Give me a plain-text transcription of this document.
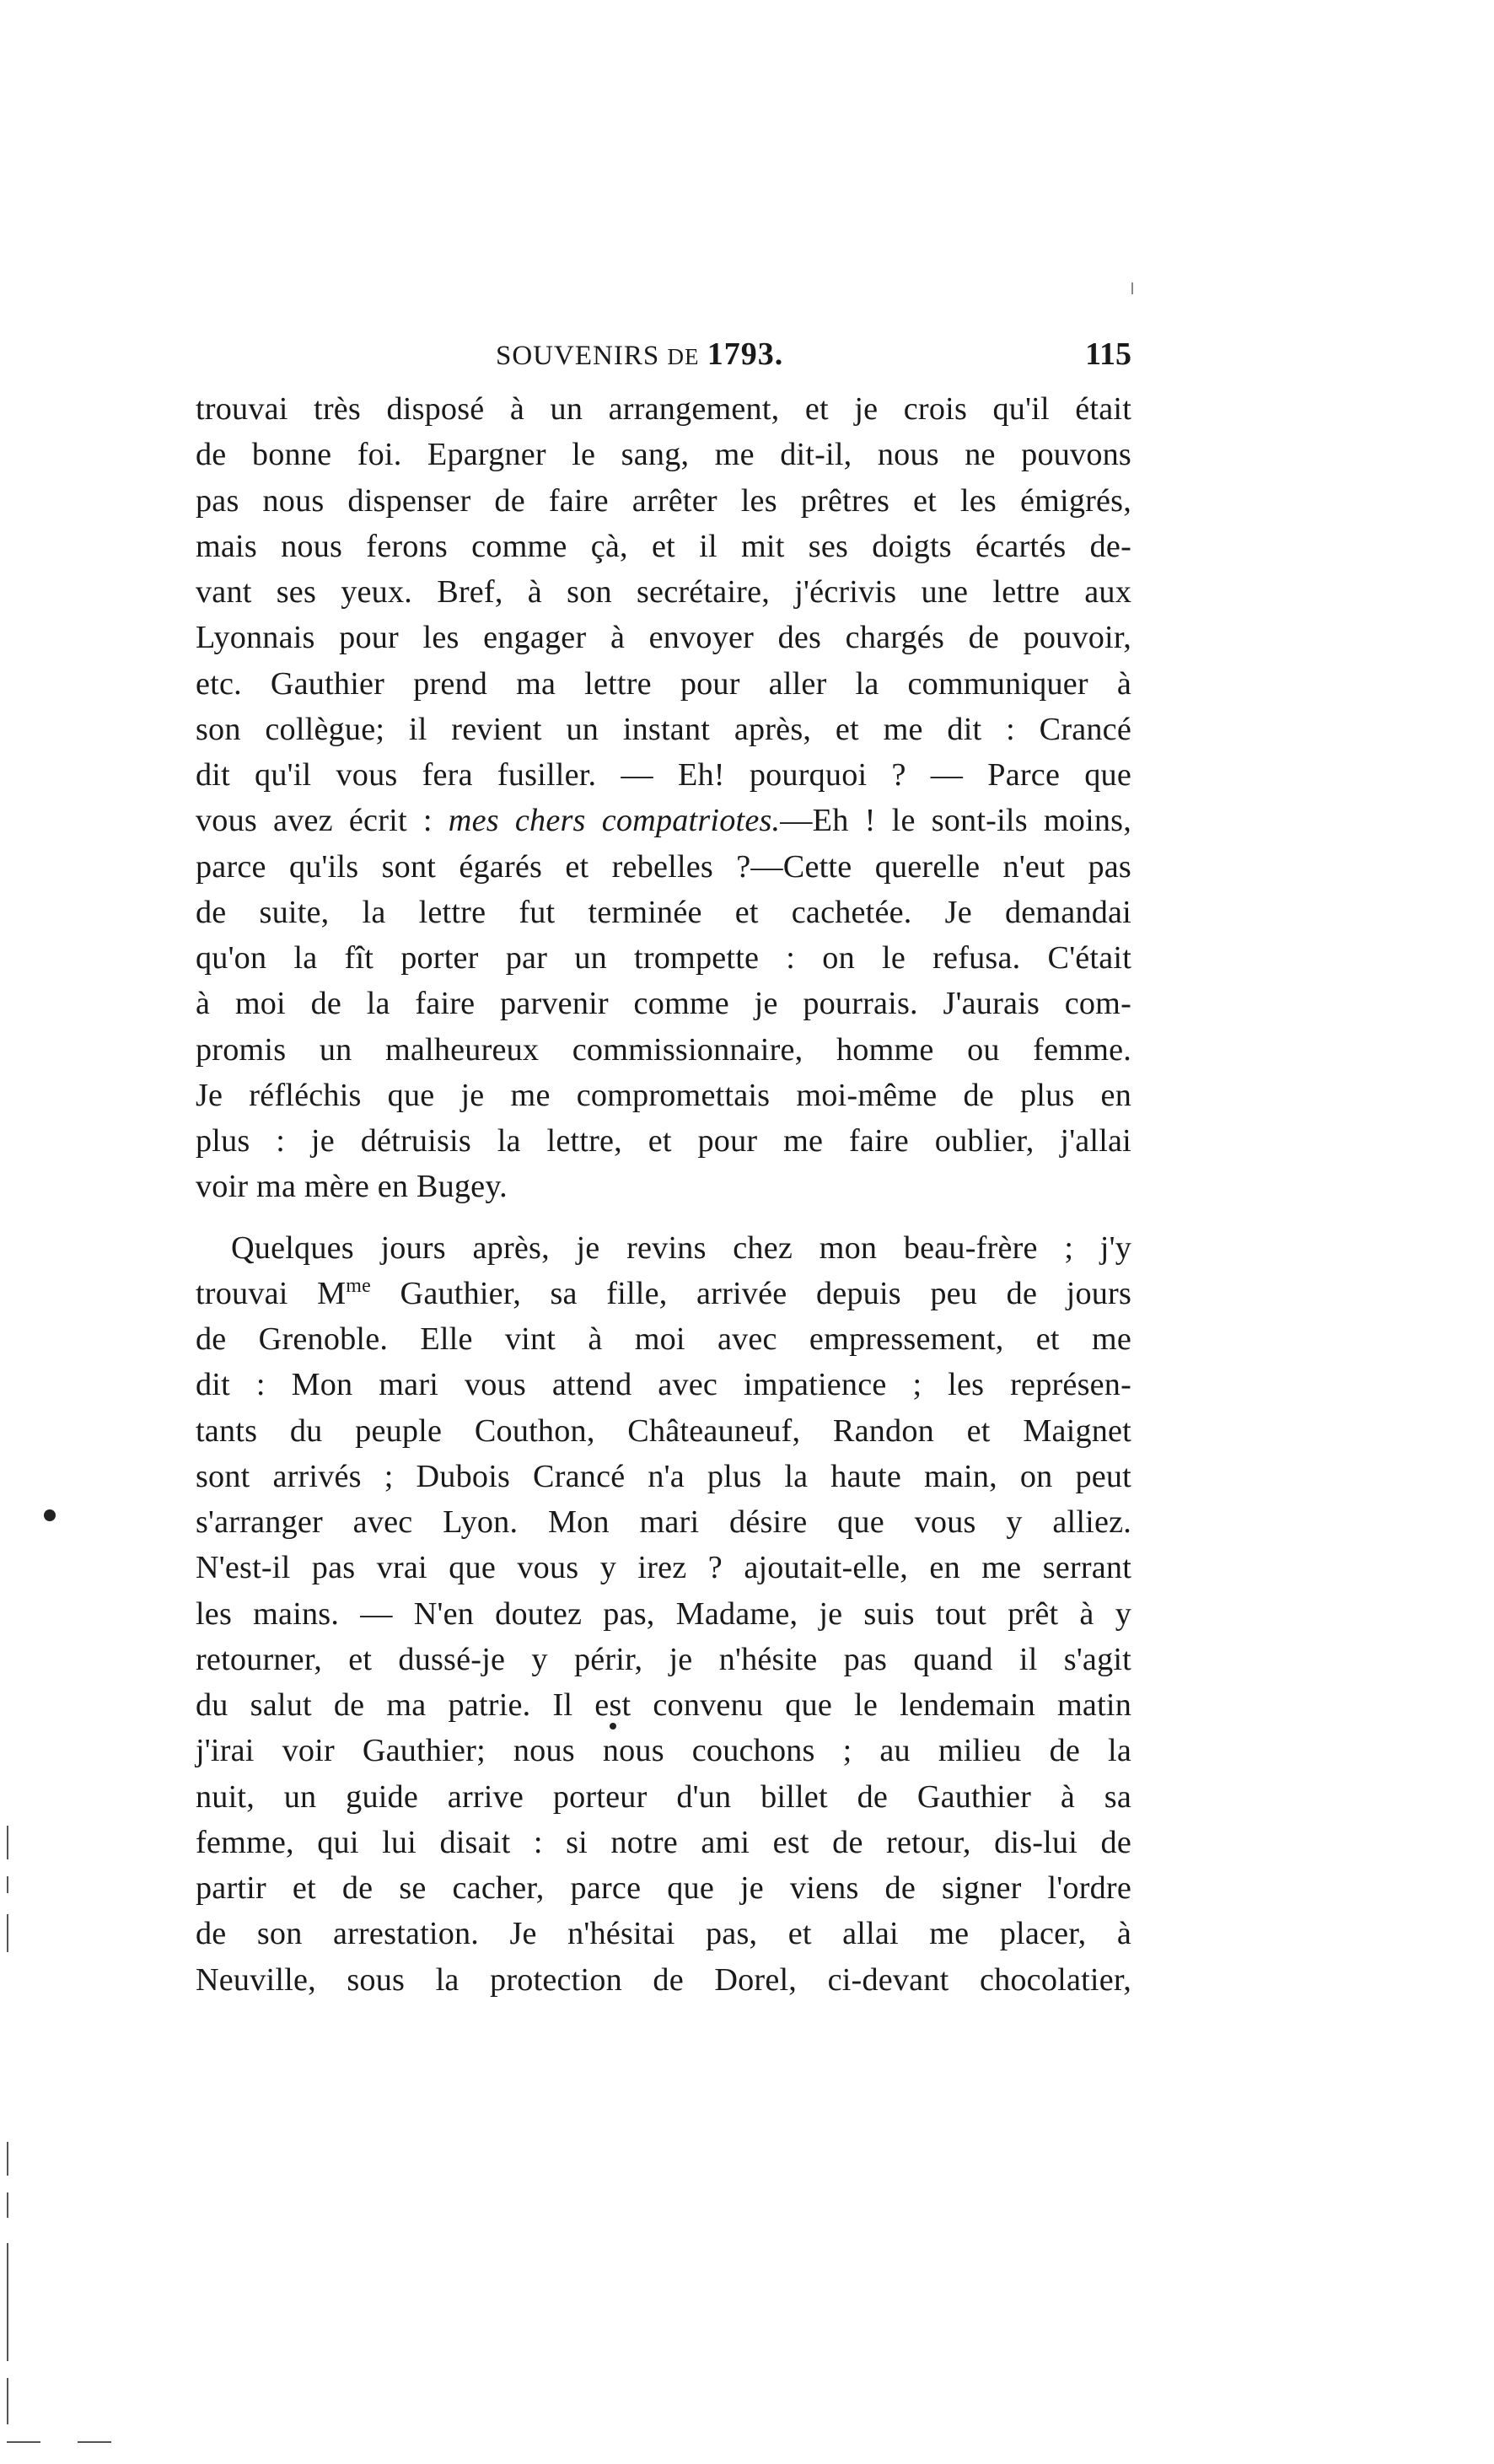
SOUVENIRS DE 1793.	115
trouvai très disposé à un arrangement, et je crois qu'il était
de bonne foi. Epargner le sang, me dit-il, nous ne pouvons
pas nous dispenser de faire arrêter les prêtres et les émigrés,
mais nous ferons comme çà, et il mit ses doigts écartés de-
vant ses yeux. Bref, à son secrétaire, j'écrivis une lettre aux
Lyonnais pour les engager à envoyer des chargés de pouvoir,
etc. Gauthier prend ma lettre pour aller la communiquer à
son collègue; il revient un instant après, et me dit : Crancé
dit qu'il vous fera fusiller. — Eh! pourquoi ? — Parce que
vous avez écrit : mes chers compatriotes.—Eh ! le sont-ils moins,
parce qu'ils sont égarés et rebelles ?—Cette querelle n'eut pas
de suite, la lettre fut terminée et cachetée. Je demandai
qu'on la fît porter par un trompette : on le refusa. C'était
à moi de la faire parvenir comme je pourrais. J'aurais com-
promis un malheureux commissionnaire, homme ou femme.
Je réfléchis que je me compromettais moi-même de plus en
plus : je détruisis la lettre, et pour me faire oublier, j'allai
voir ma mère en Bugey.
Quelques jours après, je revins chez mon beau-frère ; j'y
trouvai $M^{me}$ Gauthier, sa fille, arrivée depuis peu de jours
de Grenoble. Elle vint à moi avec empressement, et me
dit : Mon mari vous attend avec impatience ; les représen-
tants du peuple Couthon, Châteauneuf, Randon et Maignet
sont arrivés ; Dubois Crancé n'a plus la haute main, on peut
s'arranger avec Lyon. Mon mari désire que vous y alliez.
N'est-il pas vrai que vous y irez ? ajoutait-elle, en me serrant
les mains. — N'en doutez pas, Madame, je suis tout prêt à y
retourner, et dussé-je y périr, je n'hésite pas quand il s'agit
du salut de ma patrie. Il est convenu que le lendemain matin
j'irai voir Gauthier; nous nous couchons ; au milieu de la
nuit, un guide arrive porteur d'un billet de Gauthier à sa
femme, qui lui disait : si notre ami est de retour, dis-lui de
partir et de se cacher, parce que je viens de signer l'ordre
de son arrestation. Je n'hésitai pas, et allai me placer, à
Neuville, sous la protection de Dorel, ci-devant chocolatier,
